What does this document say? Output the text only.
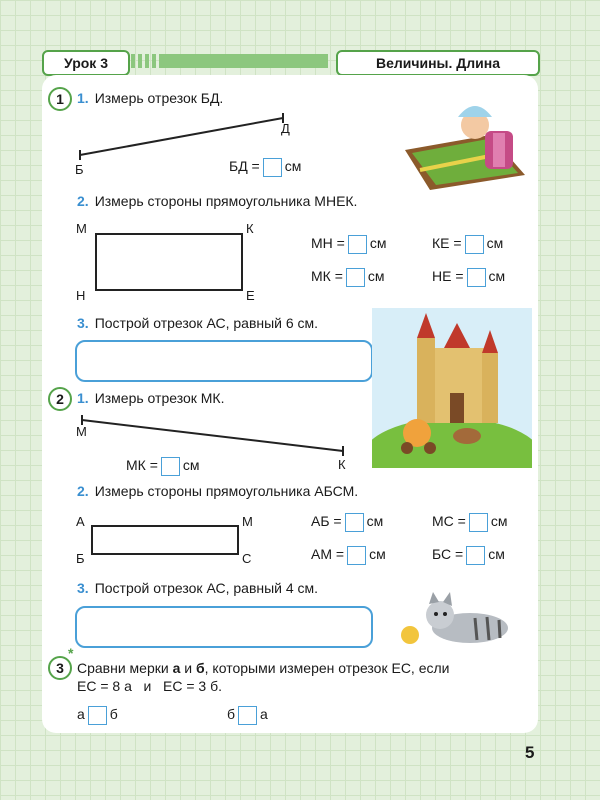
Урок 3	Величины. Длина
1 1. Измерь отрезок БД.
Б
Д
БД = см
2. Измерь стороны прямоугольника МНЕК.
М	К
Н	Е
МН = см	КЕ = см
МК = см	НЕ = см
3. Построй отрезок АС, равный 6 см.
2 1. Измерь отрезок МК.
М
К
МК = см
2. Измерь стороны прямоугольника АБСМ.
А	М
Б	С
АБ = см	МС = см
АМ = см	БС = см
3. Построй отрезок АС, равный 4 см.
3
*
Сравни мерки а и б, которыми измерен отрезок ЕС, если
ЕС = 8 а   и   ЕС = 3 б.
а б	б а
5
